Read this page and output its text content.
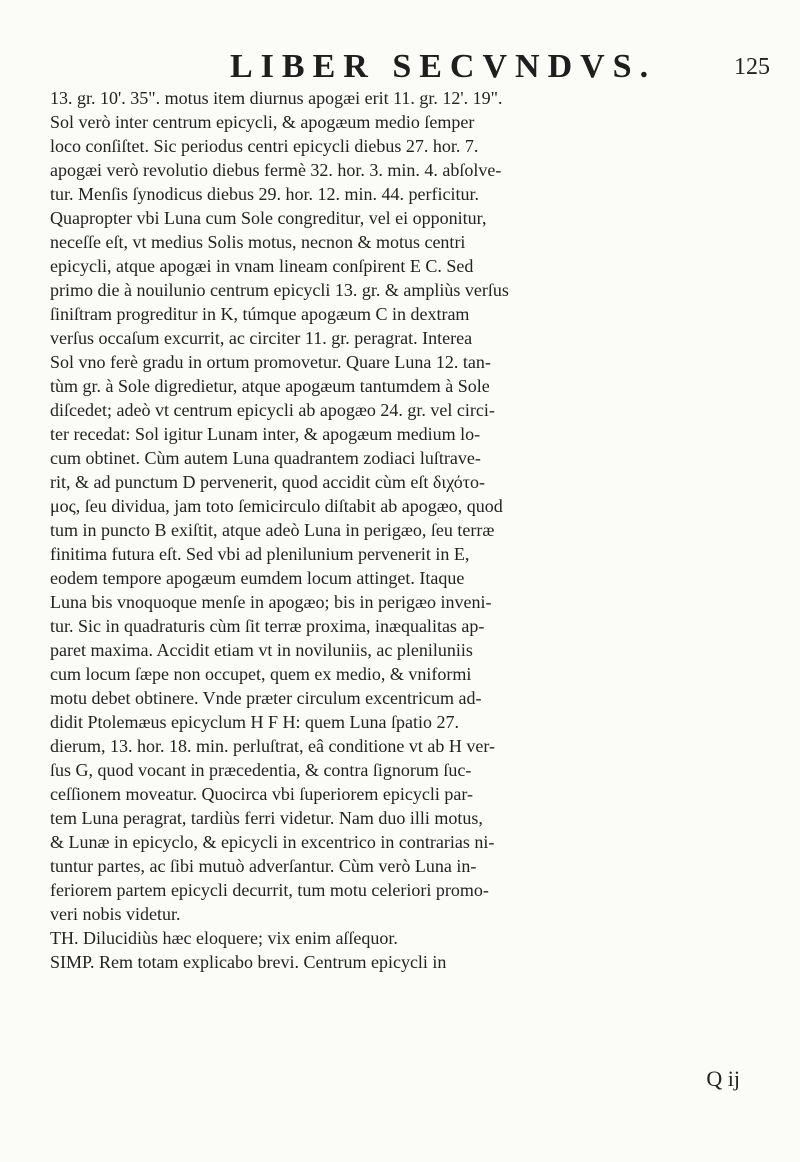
LIBER SECVNDVS.	125
13. gr. 10'. 35". motus item diurnus apogæi erit 11. gr. 12'. 19".
Sol verò inter centrum epicycli, & apogæum medio ſemper
loco conſiſtet. Sic periodus centri epicycli diebus 27. hor. 7.
apogæi verò revolutio diebus fermè 32. hor. 3. min. 4. abſolve-
tur. Menſis ſynodicus diebus 29. hor. 12. min. 44. perficitur.
Quapropter vbi Luna cum Sole congreditur, vel ei opponitur,
neceſſe eſt, vt medius Solis motus, necnon & motus centri
epicycli, atque apogæi in vnam lineam conſpirent E C. Sed
primo die à nouilunio centrum epicycli 13. gr. & ampliùs verſus
ſiniſtram progreditur in K, túmque apogæum C in dextram
verſus occaſum excurrit, ac circiter 11. gr. peragrat. Interea
Sol vno ferè gradu in ortum promovetur. Quare Luna 12. tan-
tùm gr. à Sole digredietur, atque apogæum tantumdem à Sole
diſcedet; adeò vt centrum epicycli ab apogæo 24. gr. vel circi-
ter recedat: Sol igitur Lunam inter, & apogæum medium lo-
cum obtinet. Cùm autem Luna quadrantem zodiaci luſtrave-
rit, & ad punctum D pervenerit, quod accidit cùm eſt διχότο-
μος, ſeu dividua, jam toto ſemicirculo diſtabit ab apogæo, quod
tum in puncto B exiſtit, atque adeò Luna in perigæo, ſeu terræ
finitima futura eſt. Sed vbi ad plenilunium pervenerit in E,
eodem tempore apogæum eumdem locum attinget. Itaque
Luna bis vnoquoque menſe in apogæo; bis in perigæo inveni-
tur. Sic in quadraturis cùm ſit terræ proxima, inæqualitas ap-
paret maxima. Accidit etiam vt in noviluniis, ac pleniluniis
cum locum ſæpe non occupet, quem ex medio, & vniformi
motu debet obtinere. Vnde præter circulum excentricum ad-
didit Ptolemæus epicyclum H F H: quem Luna ſpatio 27.
dierum, 13. hor. 18. min. perluſtrat, eâ conditione vt ab H ver-
ſus G, quod vocant in præcedentia, & contra ſignorum ſuc-
ceſſionem moveatur. Quocirca vbi ſuperiorem epicycli par-
tem Luna peragrat, tardiùs ferri videtur. Nam duo illi motus,
& Lunæ in epicyclo, & epicycli in excentrico in contrarias ni-
tuntur partes, ac ſibi mutuò adverſantur. Cùm verò Luna in-
feriorem partem epicycli decurrit, tum motu celeriori promo-
veri nobis videtur.
TH. Dilucidiùs hæc eloquere; vix enim aſſequor.
SIMP. Rem totam explicabo brevi. Centrum epicycli in
Q ij
